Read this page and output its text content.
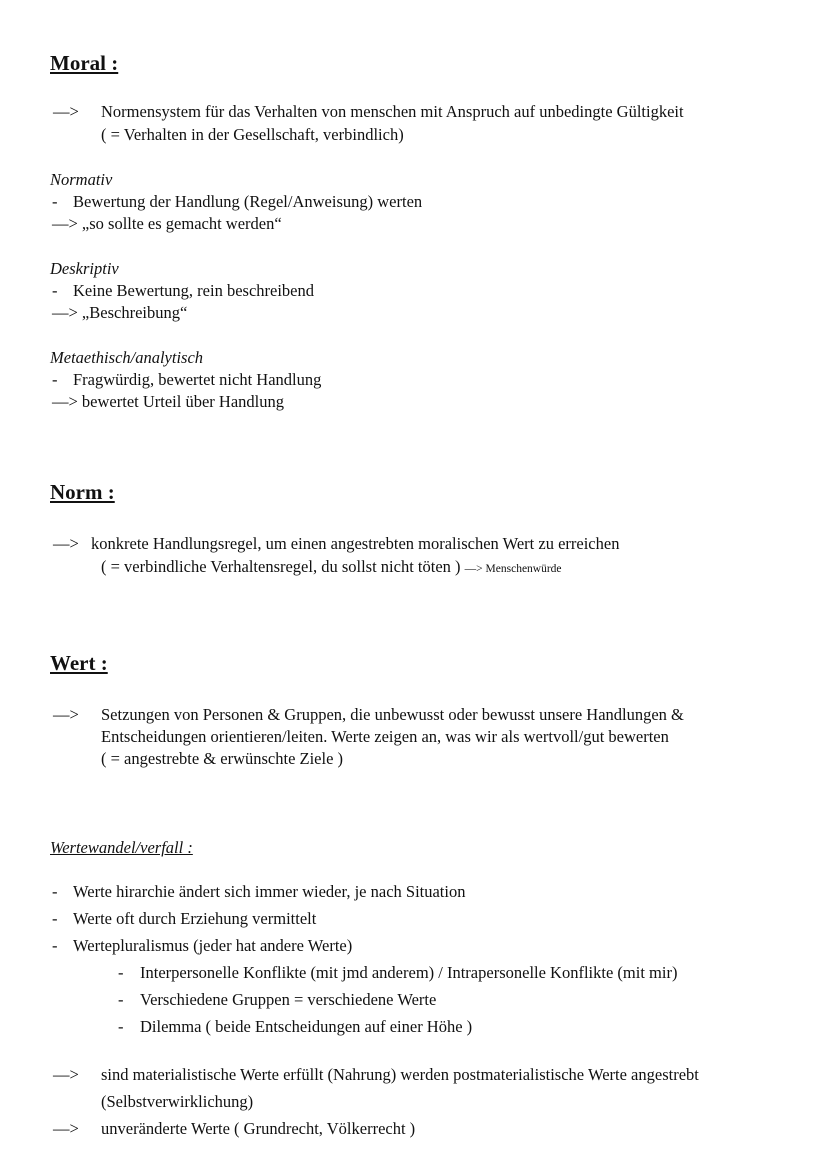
Moral :
—> Normensystem für das Verhalten von menschen mit Anspruch auf unbedingte Gültigkeit
( = Verhalten in der Gesellschaft, verbindlich)
Normativ
- Bewertung der Handlung (Regel/Anweisung) werten
—> „so sollte es gemacht werden“
Deskriptiv
- Keine Bewertung, rein beschreibend
—> „Beschreibung“
Metaethisch/analytisch
- Fragwürdig, bewertet nicht Handlung
—> bewertet Urteil über Handlung
Norm :
—> konkrete Handlungsregel, um einen angestrebten moralischen Wert zu erreichen
( = verbindliche Verhaltensregel, du sollst nicht töten ) —> Menschenwürde
Wert :
—> Setzungen von Personen & Gruppen, die unbewusst oder bewusst unsere Handlungen &
Entscheidungen orientieren/leiten. Werte zeigen an, was wir als wertvoll/gut bewerten
( = angestrebte & erwünschte Ziele )
Wertewandel/verfall :
- Werte hirarchie ändert sich immer wieder, je nach Situation
- Werte oft durch Erziehung vermittelt
- Wertepluralismus (jeder hat andere Werte)
- Interpersonelle Konflikte (mit jmd anderem) / Intrapersonelle Konflikte (mit mir)
- Verschiedene Gruppen = verschiedene Werte
- Dilemma ( beide Entscheidungen auf einer Höhe )
—> sind materialistische Werte erfüllt (Nahrung) werden postmaterialistische Werte angestrebt
(Selbstverwirklichung)
—> unveränderte Werte ( Grundrecht, Völkerrecht )
